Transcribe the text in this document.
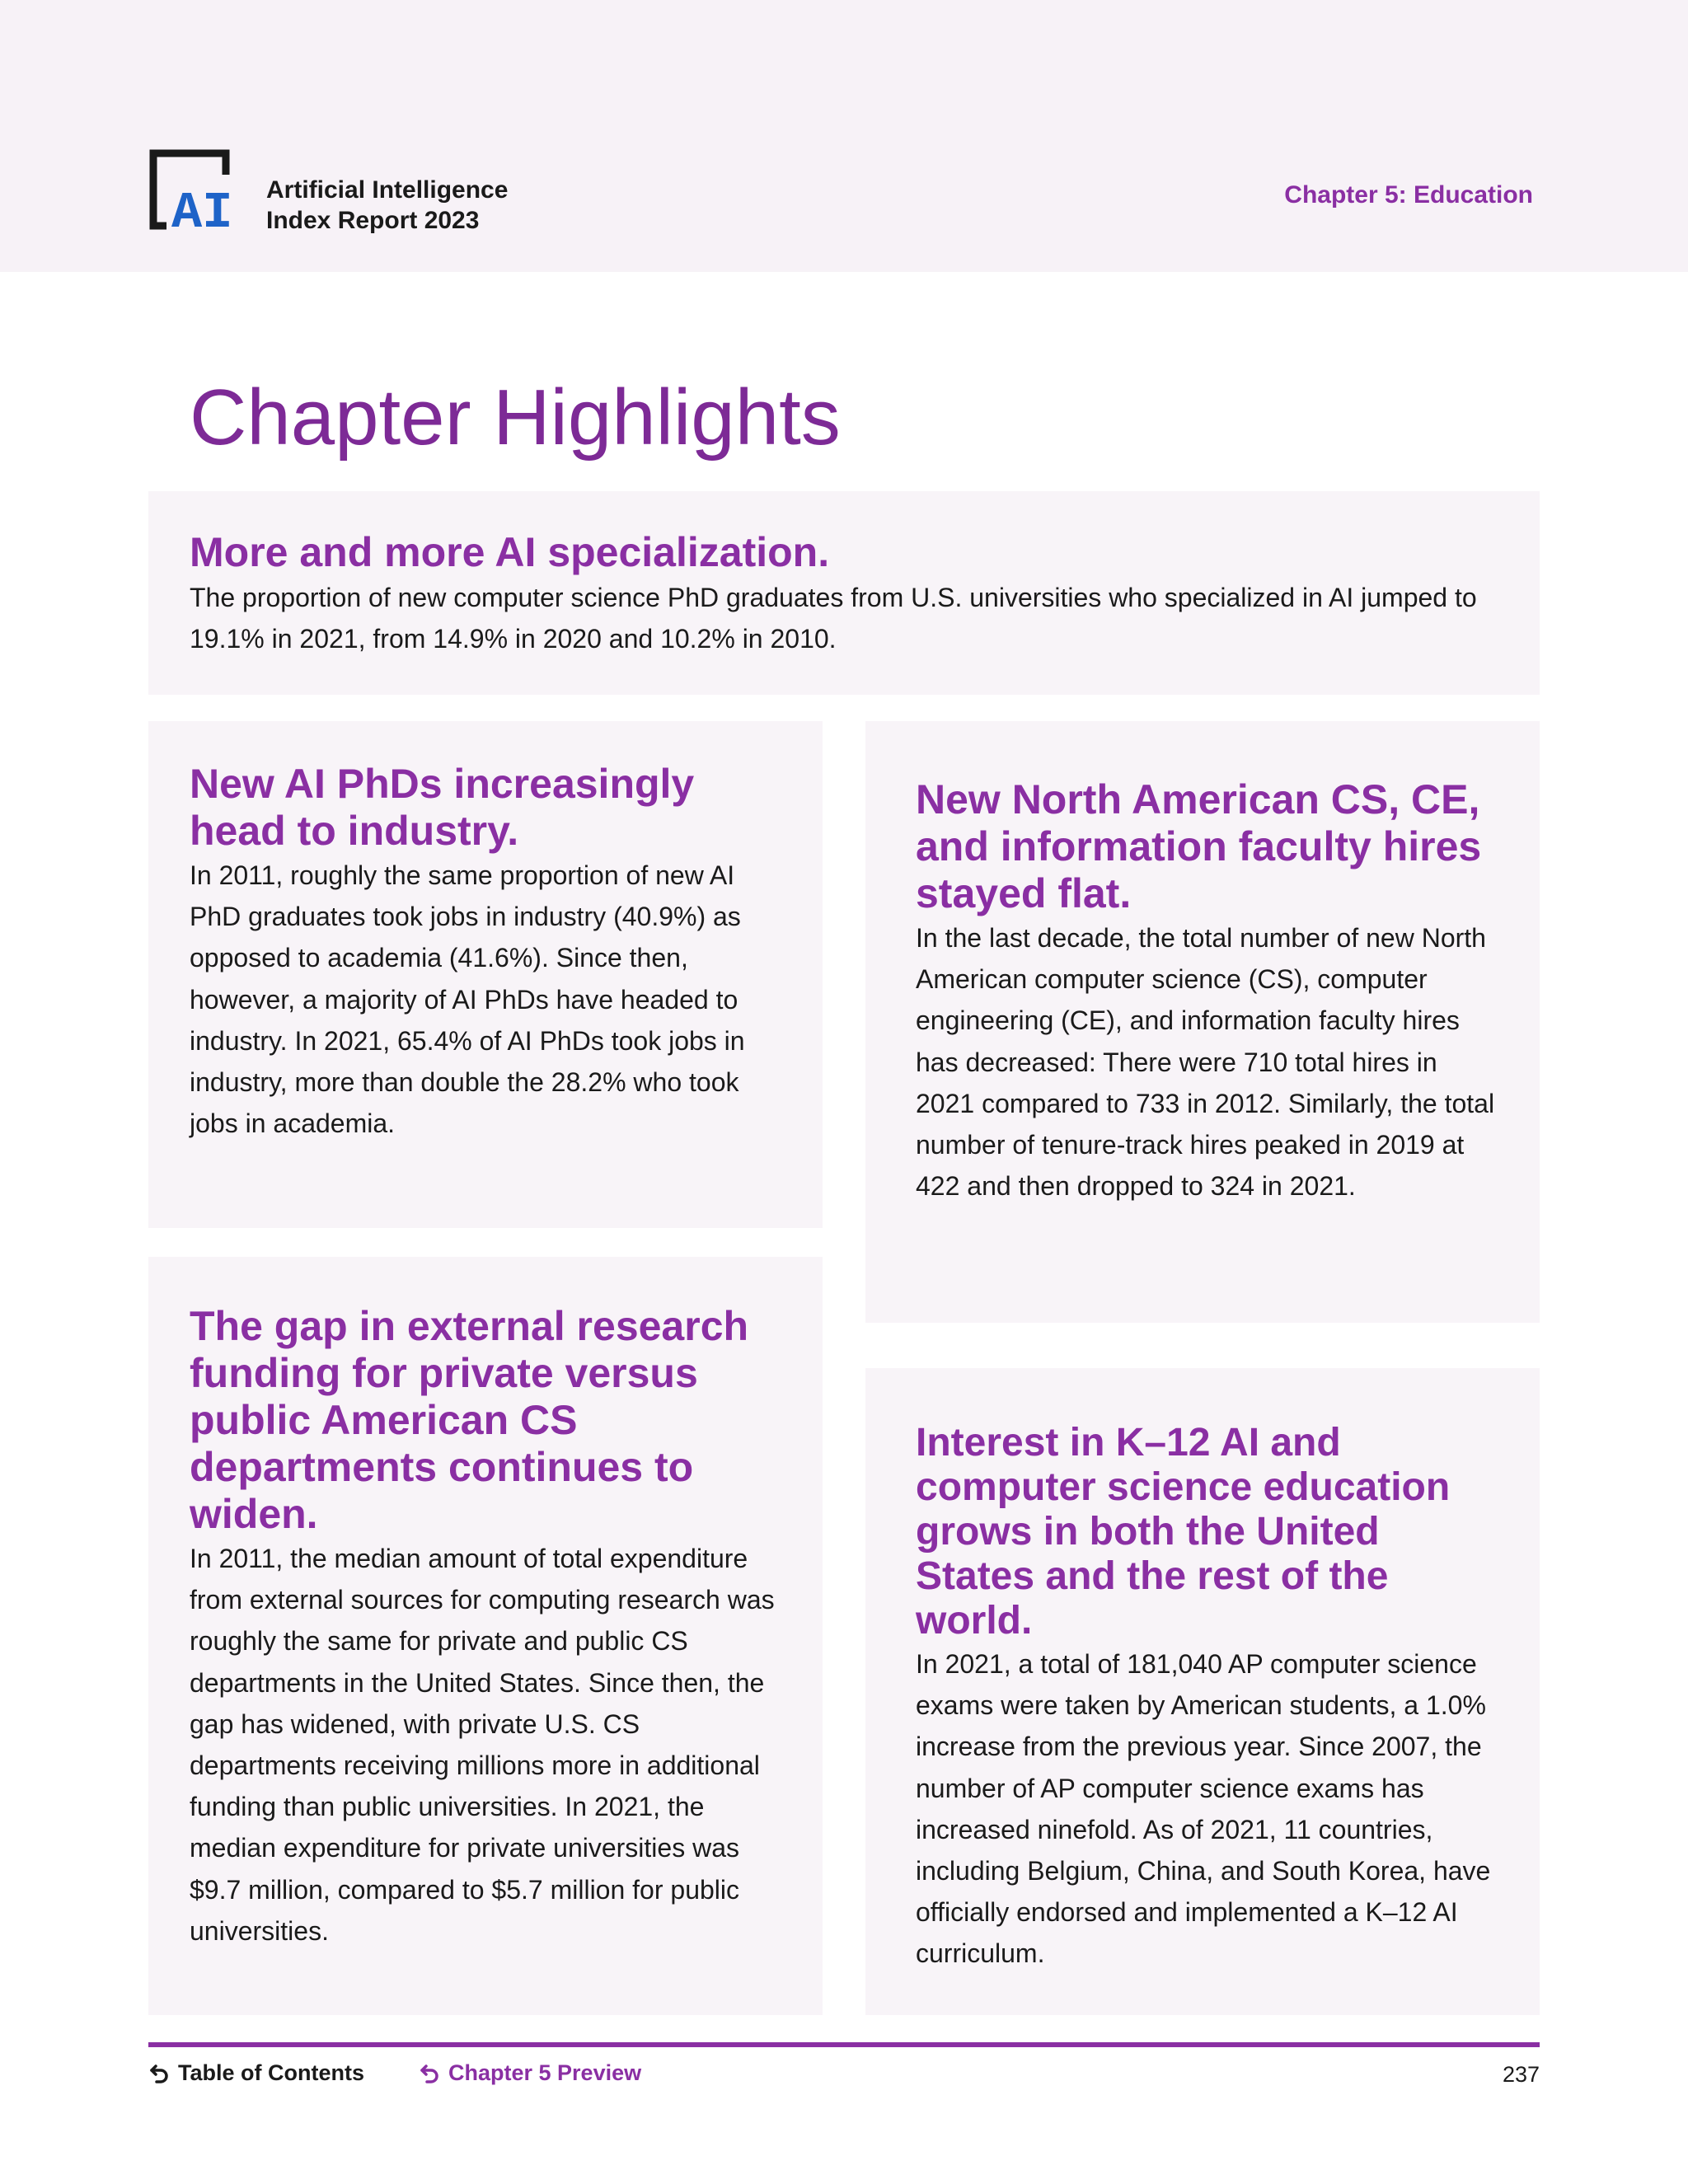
AI Artificial Intelligence
Index Report 2023
Chapter 5: Education
Chapter Highlights
More and more AI specialization.

The proportion of new computer science PhD graduates from U.S. universities who specialized in AI jumped to 19.1% in 2021, from 14.9% in 2020 and 10.2% in 2010.

New AI PhDs increasingly head to industry.

In 2011, roughly the same proportion of new AI PhD graduates took jobs in industry (40.9%) as opposed to academia (41.6%). Since then, however, a majority of AI PhDs have headed to industry. In 2021, 65.4% of AI PhDs took jobs in industry, more than double the 28.2% who took jobs in academia.

New North American CS, CE, and information faculty hires stayed flat.

In the last decade, the total number of new North American computer science (CS), computer engineering (CE), and information faculty hires has decreased: There were 710 total hires in 2021 compared to 733 in 2012. Similarly, the total number of tenure-track hires peaked in 2019 at 422 and then dropped to 324 in 2021.

The gap in external research funding for private versus public American CS departments continues to widen.

In 2011, the median amount of total expenditure from external sources for computing research was roughly the same for private and public CS departments in the United States. Since then, the gap has widened, with private U.S. CS departments receiving millions more in additional funding than public universities. In 2021, the median expenditure for private universities was $9.7 million, compared to $5.7 million for public universities.

Interest in K–12 AI and computer science education grows in both the United States and the rest of the world.

In 2021, a total of 181,040 AP computer science exams were taken by American students, a 1.0% increase from the previous year. Since 2007, the number of AP computer science exams has increased ninefold. As of 2021, 11 countries, including Belgium, China, and South Korea, have officially endorsed and implemented a K–12 AI curriculum.

Table of Contents	Chapter 5 Preview	237
